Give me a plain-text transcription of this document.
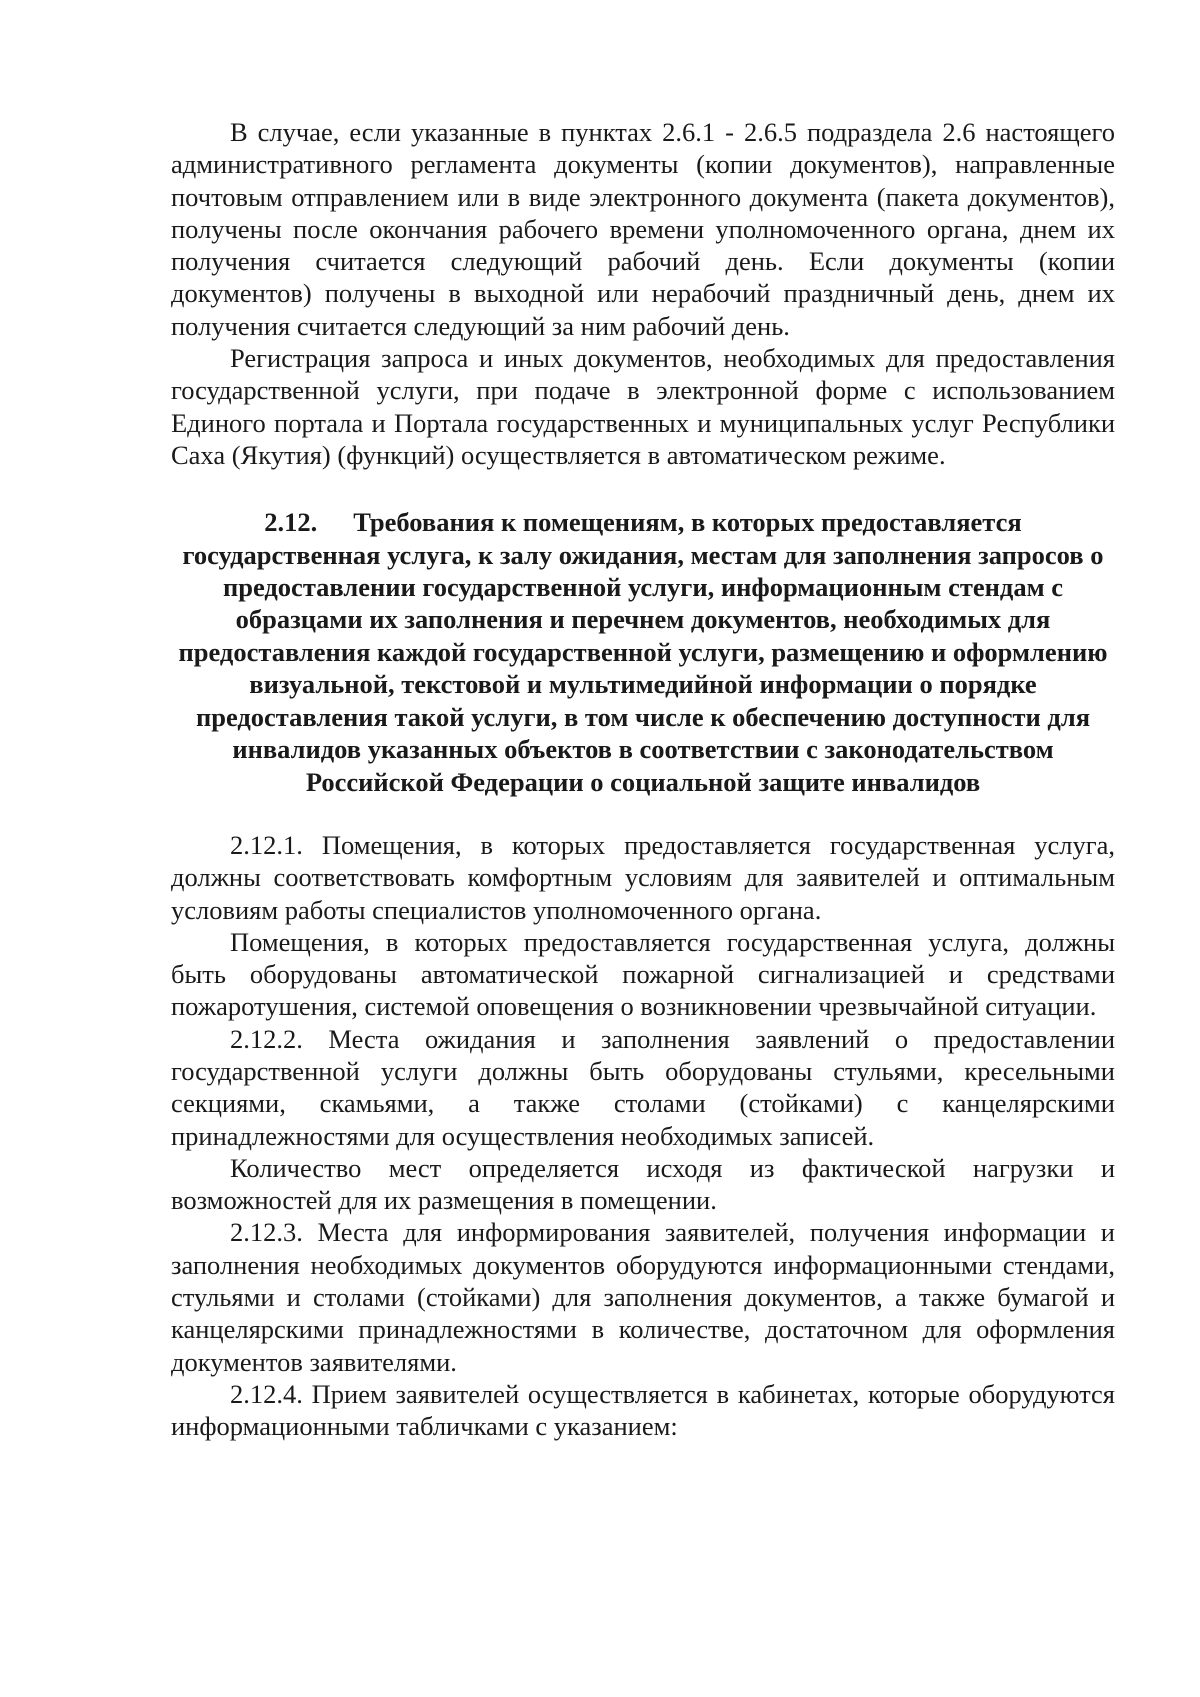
В случае, если указанные в пунктах 2.6.1 - 2.6.5 подраздела 2.6 настоящего административного регламента документы (копии документов), направленные почтовым отправлением или в виде электронного документа (пакета документов), получены после окончания рабочего времени уполномоченного органа, днем их получения считается следующий рабочий день. Если документы (копии документов) получены в выходной или нерабочий праздничный день, днем их получения считается следующий за ним рабочий день.

Регистрация запроса и иных документов, необходимых для предоставления государственной услуги, при подаче в электронной форме с использованием Единого портала и Портала государственных и муниципальных услуг Республики Саха (Якутия) (функций) осуществляется в автоматическом режиме.

2.12. Требования к помещениям, в которых предоставляется государственная услуга, к залу ожидания, местам для заполнения запросов о предоставлении государственной услуги, информационным стендам с образцами их заполнения и перечнем документов, необходимых для предоставления каждой государственной услуги, размещению и оформлению визуальной, текстовой и мультимедийной информации о порядке предоставления такой услуги, в том числе к обеспечению доступности для инвалидов указанных объектов в соответствии с законодательством Российской Федерации о социальной защите инвалидов

2.12.1. Помещения, в которых предоставляется государственная услуга, должны соответствовать комфортным условиям для заявителей и оптимальным условиям работы специалистов уполномоченного органа.

Помещения, в которых предоставляется государственная услуга, должны быть оборудованы автоматической пожарной сигнализацией и средствами пожаротушения, системой оповещения о возникновении чрезвычайной ситуации.

2.12.2. Места ожидания и заполнения заявлений о предоставлении государственной услуги должны быть оборудованы стульями, кресельными секциями, скамьями, а также столами (стойками) с канцелярскими принадлежностями для осуществления необходимых записей.

Количество мест определяется исходя из фактической нагрузки и возможностей для их размещения в помещении.

2.12.3. Места для информирования заявителей, получения информации и заполнения необходимых документов оборудуются информационными стендами, стульями и столами (стойками) для заполнения документов, а также бумагой и канцелярскими принадлежностями в количестве, достаточном для оформления документов заявителями.

2.12.4. Прием заявителей осуществляется в кабинетах, которые оборудуются информационными табличками с указанием:
